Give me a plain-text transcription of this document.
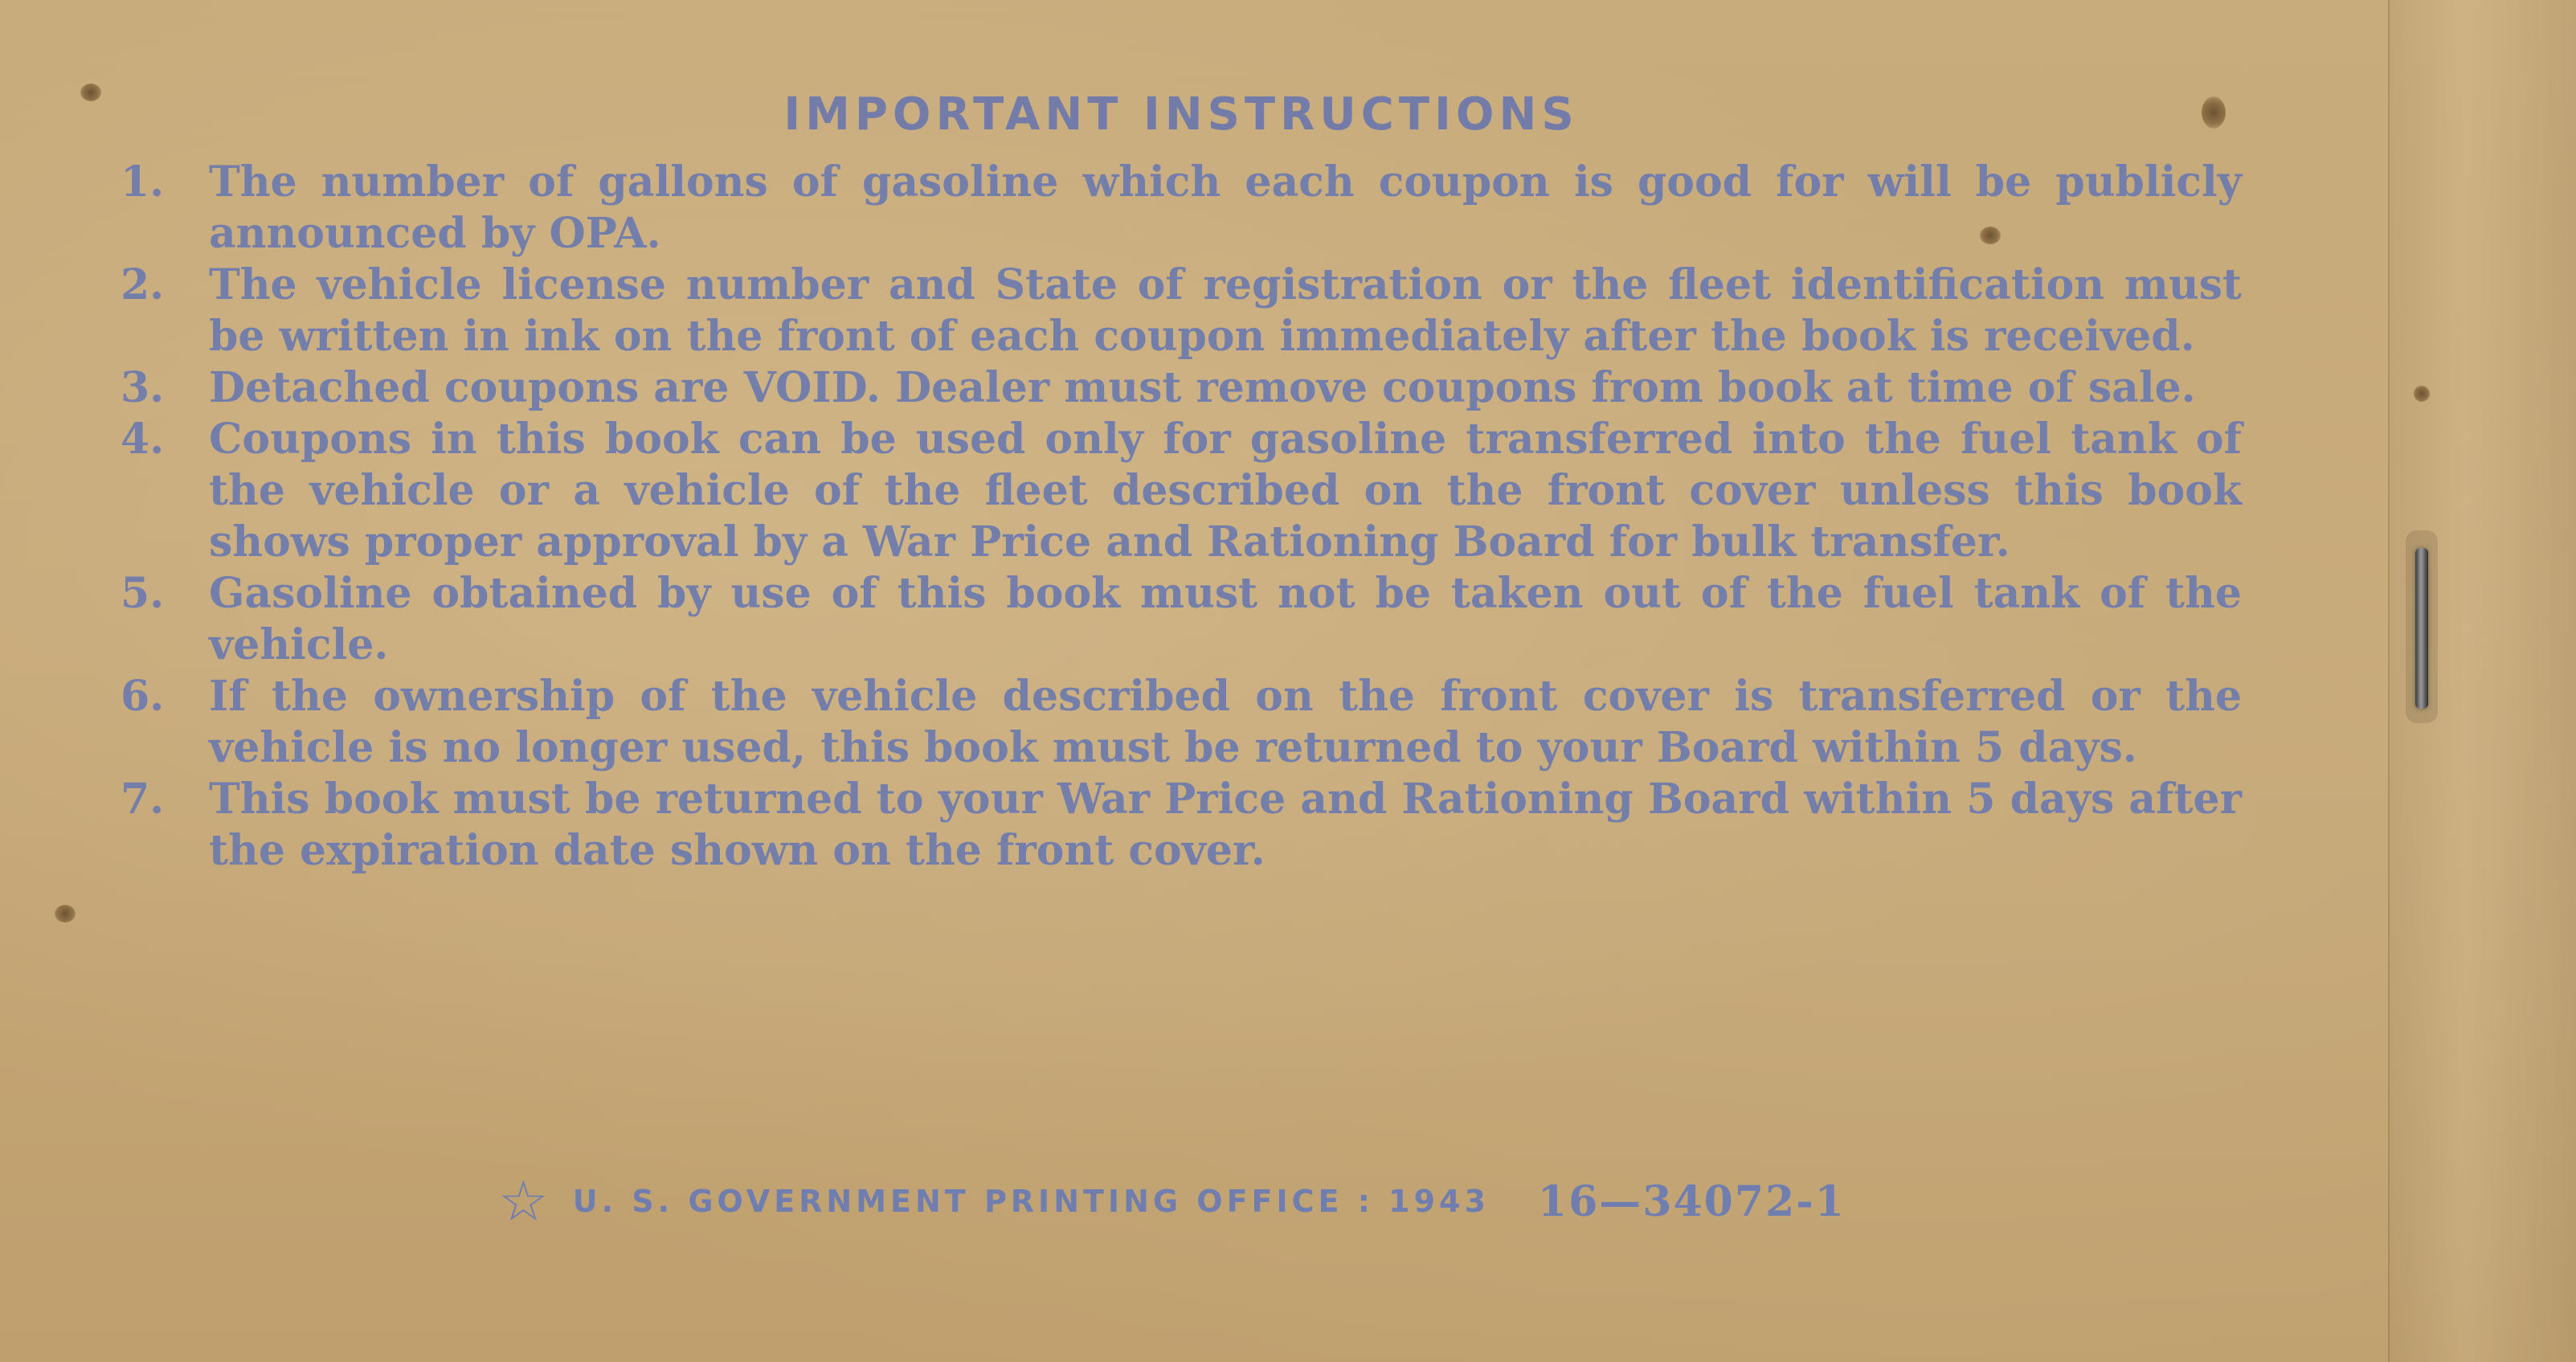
IMPORTANT INSTRUCTIONS
1.	The number of gallons of gasoline which each coupon is good for will be publicly announced by OPA.
2.	The vehicle license number and State of registration or the fleet identification must be written in ink on the front of each coupon immediately after the book is received.
3.	Detached coupons are VOID. Dealer must remove coupons from book at time of sale.
4.	Coupons in this book can be used only for gasoline transferred into the fuel tank of the vehicle or a vehicle of the fleet described on the front cover unless this book shows proper approval by a War Price and Rationing Board for bulk transfer.
5.	Gasoline obtained by use of this book must not be taken out of the fuel tank of the vehicle.
6.	If the ownership of the vehicle described on the front cover is transferred or the vehicle is no longer used, this book must be returned to your Board within 5 days.
7.	This book must be returned to your War Price and Rationing Board within 5 days after the expiration date shown on the front cover.
☆ U. S. GOVERNMENT PRINTING OFFICE : 1943 16—34072-1
